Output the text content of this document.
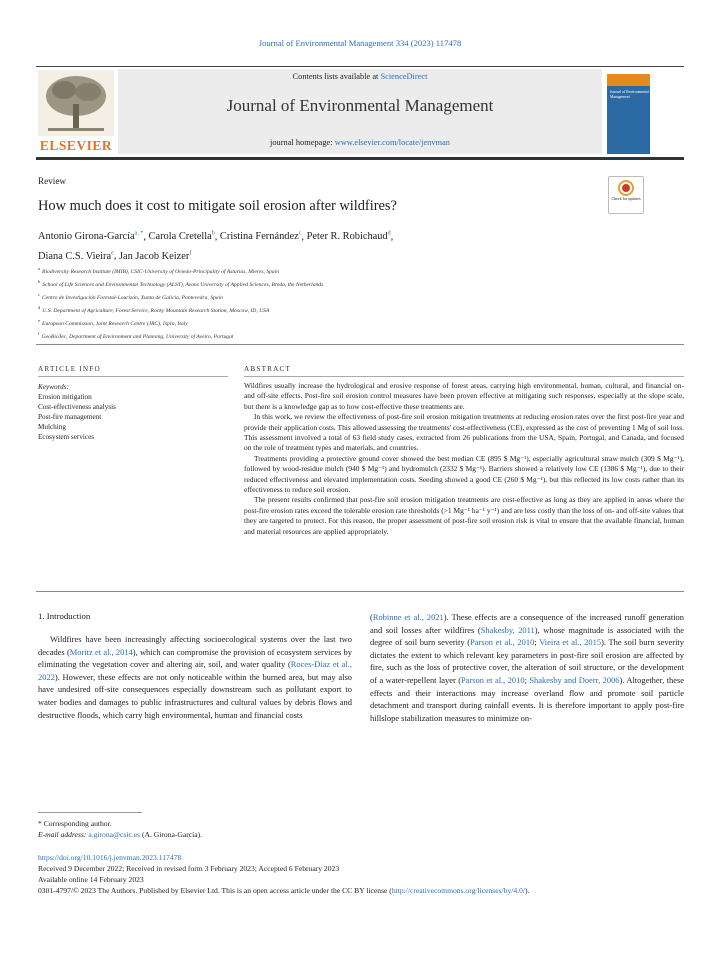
Journal of Environmental Management 334 (2023) 117478
ELSEVIER
Contents lists available at ScienceDirect
Journal of Environmental Management
journal homepage: www.elsevier.com/locate/jenvman
Journal of Environmental Management
Review
How much does it cost to mitigate soil erosion after wildfires?	Check for updates
Antonio Girona-García$^{a, *}$, Carola Cretella$^b$, Cristina Fernández$^c$, Peter R. Robichaud$^d$,
Diana C.S. Vieira$^e$, Jan Jacob Keizer$^f$
$^a$Biodiversity Research Institute (IMIB), CSIC-University of Oviedo-Principality of Asturias, Mieres, Spain
$^b$School of Life Sciences and Environmental Technology (ALST), Avans University of Applied Sciences, Breda, the Netherlands
$^c$Centro de Investigación Forestal-Lourizán, Xunta de Galicia, Pontevedra, Spain
$^d$U.S. Department of Agriculture, Forest Service, Rocky Mountain Research Station, Moscow, ID, USA
$^e$European Commission, Joint Research Centre (JRC), Ispra, Italy
$^f$GeoBioTec, Department of Environment and Planning, University of Aveiro, Portugal
ARTICLE INFO	ABSTRACT
Keywords:
Erosion mitigation
Cost-effectiveness analysis
Post-fire management
Mulching
Ecosystem services

Wildfires usually increase the hydrological and erosive response of forest areas, carrying high environmental, human, cultural, and financial on- and off-site effects. Post-fire soil erosion control measures have been proven effective at mitigating such responses, especially at the slope scale, but there is a knowledge gap as to how cost-effective these treatments are.

In this work, we review the effectiveness of post-fire soil erosion mitigation treatments at reducing erosion rates over the first post-fire year and provide their application costs. This allowed assessing the treatments' cost-effectiveness (CE), expressed as the cost of preventing 1 Mg of soil loss. This assessment involved a total of 63 field study cases, extracted from 26 publications from the USA, Spain, Portugal, and Canada, and focused on the role of treatment types and materials, and countries.

Treatments providing a protective ground cover showed the best median CE (895 $ Mg⁻¹), especially agricultural straw mulch (309 $ Mg⁻¹), followed by wood-residue mulch (940 $ Mg⁻¹) and hydromulch (2332 $ Mg⁻¹). Barriers showed a relatively low CE (1386 $ Mg⁻¹), due to their reduced effectiveness and elevated implementation costs. Seeding showed a good CE (260 $ Mg⁻¹), but this reflected its low costs rather than its effectiveness to reduce soil erosion.

The present results confirmed that post-fire soil erosion mitigation treatments are cost-effective as long as they are applied in areas where the post-fire erosion rates exceed the tolerable erosion rate thresholds (>1 Mg⁻¹ ha⁻¹ y⁻¹) and are less costly than the loss of on- and off-site values that they are targeted to protect. For this reason, the proper assessment of post-fire soil erosion risk is vital to ensure that the available financial, human and material resources are applied appropriately.

1. Introduction

Wildfires have been increasingly affecting socioecological systems over the last two decades (Moritz et al., 2014), which can compromise the provision of ecosystem services by eliminating the vegetation cover and altering air, soil, and water quality (Roces-Díaz et al., 2022). However, these effects are not only noticeable within the burned area, but may also have undesired off-site consequences especially downstream such as pollutant export to water bodies and damages to public infrastructures and cultural values by debris flows and destructive floods, which carry high environmental, human and financial costs

(Robinne et al., 2021). These effects are a consequence of the increased runoff generation and soil losses after wildfires (Shakesby, 2011), whose magnitude is associated with the degree of soil burn severity (Parson et al., 2010; Vieira et al., 2015). The soil burn severity dictates the extent to which relevant key parameters in post-fire soil erosion are affected by fire, such as the loss of protective cover, the alteration of soil structure, or the development of a water-repellent layer (Parson et al., 2010; Shakesby and Doerr, 2006). Altogether, these effects and their interactions may increase overland flow and promote soil particle detachment and transport during rainfall events. It is therefore important to apply post-fire hillslope stabilization measures to minimize on-

* Corresponding author.
E-mail address: a.girona@csic.es (A. Girona-García).
https://doi.org/10.1016/j.jenvman.2023.117478
Received 9 December 2022; Received in revised form 3 February 2023; Accepted 6 February 2023
Available online 14 February 2023
0301-4797/© 2023 The Authors. Published by Elsevier Ltd. This is an open access article under the CC BY license (http://creativecommons.org/licenses/by/4.0/).
